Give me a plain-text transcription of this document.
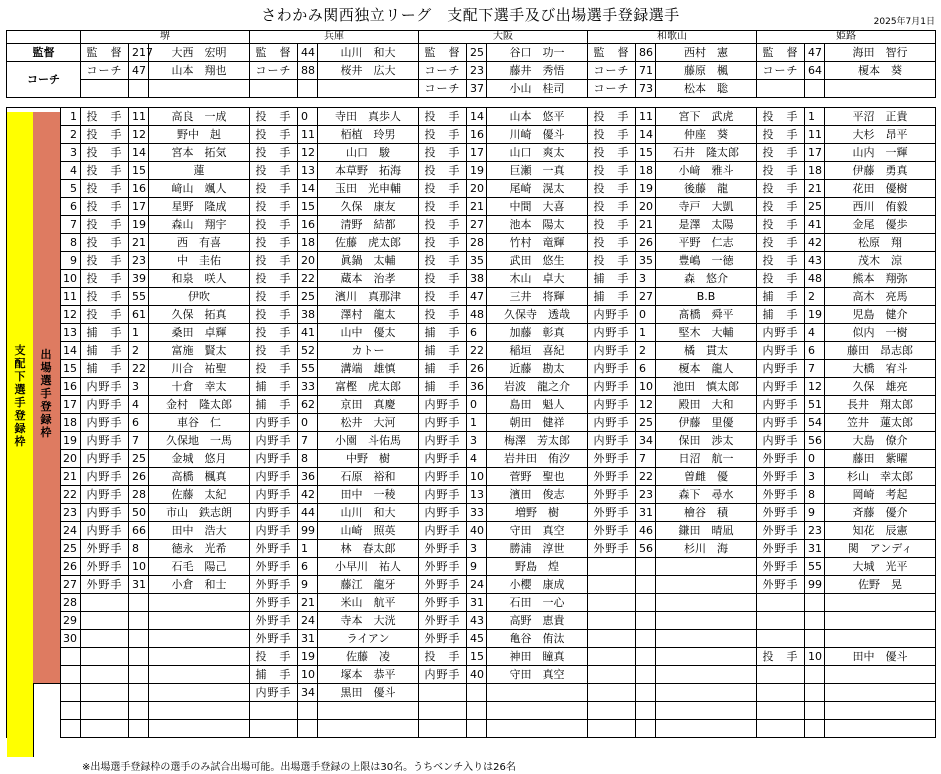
さわかみ関西独立リーグ　支配下選手及び出場選手登録選手	2025年7月1日
		堺			兵庫			大阪			和歌山			姫路		
監督		監　督	217	大西　宏明	監　督	44	山川　和大	監　督	25	谷口　功一	監　督	86	西村　憲	監　督	47	海田　智行
コーチ		コーチ	47	山本　翔也	コーチ	88	桜井　広大	コーチ	23	藤井　秀悟	コーチ	71	藤原　楓	コーチ	64	榎本　葵
								コーチ	37	小山　桂司	コーチ	73	松本　聡			

	1	投　手	11	高良　一成	投　手	0	寺田　真歩人	投　手	14	山本　悠平	投　手	11	宮下　武虎	投　手	1	平沼　正貴
	2	投　手	12	野中　赳	投　手	11	栢植　玲男	投　手	16	川崎　優斗	投　手	14	仲座　葵	投　手	11	大杉　昂平
	3	投　手	14	宮本　拓気	投　手	12	山口　駿	投　手	17	山口　爽太	投　手	15	石井　隆太郎	投　手	17	山内　一輝
	4	投　手	15	蓮	投　手	13	本草野　拓海	投　手	19	巨瀬　一真	投　手	18	小﨑　雅斗	投　手	18	伊藤　勇真
	5	投　手	16	﨑山　颯人	投　手	14	玉田　光申輔	投　手	20	尾崎　滉太	投　手	19	後藤　龍	投　手	21	花田　優樹
	6	投　手	17	星野　隆成	投　手	15	久保　康友	投　手	21	中間　大喜	投　手	20	寺戸　大凱	投　手	25	西川　侑毅
	7	投　手	19	森山　翔宇	投　手	16	清野　結都	投　手	27	池本　陽太	投　手	21	是澤　太陽	投　手	41	金尾　優歩
	8	投　手	21	西　有喜	投　手	18	佐藤　虎太郎	投　手	28	竹村　竜輝	投　手	26	平野　仁志	投　手	42	松原　翔
	9	投　手	23	中　圭佑	投　手	20	眞鍋　太輔	投　手	35	武田　悠生	投　手	35	豊嶋　一徳	投　手	43	茂木　涼
	10	投　手	39	和泉　咲人	投　手	22	蔵本　治孝	投　手	38	木山　卓大	捕　手	3	森　悠介	投　手	48	熊本　翔弥
	11	投　手	55	伊吹	投　手	25	濱川　真那津	投　手	47	三井　将輝	捕　手	27	B.B	捕　手	2	高木　亮馬
	12	投　手	61	久保　拓真	投　手	38	澤村　龍太	投　手	48	久保寺　透哉	内野手	0	髙橋　舜平	捕　手	19	児島　健介
	13	捕　手	1	桑田　卓輝	投　手	41	山中　優太	捕　手	6	加藤　彰真	内野手	1	堅木　大輔	内野手	4	似内　一樹
	14	捕　手	2	富施　賢太	投　手	52	カトー	捕　手	22	稲垣　喜紀	内野手	2	橘　貫太	内野手	6	藤田　昂志郎
	15	捕　手	22	川合　祐聖	投　手	55	溝端　雄慎	捕　手	26	近藤　勘太	内野手	6	榎本　龍人	内野手	7	大橋　宥斗
	16	内野手	3	十倉　幸太	捕　手	33	富樫　虎太郎	捕　手	36	岩波　龍之介	内野手	10	池田　慎太郎	内野手	12	久保　雄亮
	17	内野手	4	金村　隆太郎	捕　手	62	京田　真慶	内野手	0	島田　魁人	内野手	12	殿田　大和	内野手	51	長井　翔太郎
	18	内野手	6	車谷　仁	内野手	0	松井　大河	内野手	1	朝田　健祥	内野手	25	伊藤　里優	内野手	54	笠井　蓮太郎
	19	内野手	7	久保地　一馬	内野手	7	小園　斗佑馬	内野手	3	梅澤　芳太郎	内野手	34	保田　渉太	内野手	56	大島　僚介
	20	内野手	25	金城　悠月	内野手	8	中野　樹	内野手	4	岩井田　侑汐	外野手	7	日沼　航一	外野手	0	藤田　紫曜
	21	内野手	26	高橋　楓真	内野手	36	石原　裕和	内野手	10	菅野　聖也	外野手	22	曽雌　優	外野手	3	杉山　幸太郎
	22	内野手	28	佐藤　太紀	内野手	42	田中　一稜	内野手	13	濱田　俊志	外野手	23	森下　尋水	外野手	8	岡崎　考起
	23	内野手	50	市山　鉄志朗	内野手	44	山川　和大	内野手	33	増野　樹	外野手	31	檜谷　積	外野手	9	斉藤　優介
	24	内野手	66	田中　浩大	内野手	99	山崎　照英	内野手	40	守田　真空	外野手	46	鎌田　晴凪	外野手	23	知花　辰憲
	25	外野手	8	徳永　光希	外野手	1	林　春太郎	外野手	3	勝浦　淳世	外野手	56	杉川　海	外野手	31	関　アンディ
	26	外野手	10	石毛　陽己	外野手	6	小早川　祐人	外野手	9	野島　煌				外野手	55	大城　光平
	27	外野手	31	小倉　和士	外野手	9	藤江　龍牙	外野手	24	小櫻　康成				外野手	99	佐野　晃
	28				外野手	21	米山　航平	外野手	31	石田　一心						
	29				外野手	24	寺本　大洸	外野手	43	高野　恵貴						
	30				外野手	31	ライアン	外野手	45	亀谷　侑汰						
					投　手	19	佐藤　凌	投　手	15	神田　瞳真				投　手	10	田中　優斗
					捕　手	10	塚本　恭平	内野手	40	守田　真空						
					内野手	34	黒田　優斗									

支配下選手登録枠
出場選手登録枠
※出場選手登録枠の選手のみ試合出場可能。出場選手登録の上限は30名。うちベンチ入りは26名
